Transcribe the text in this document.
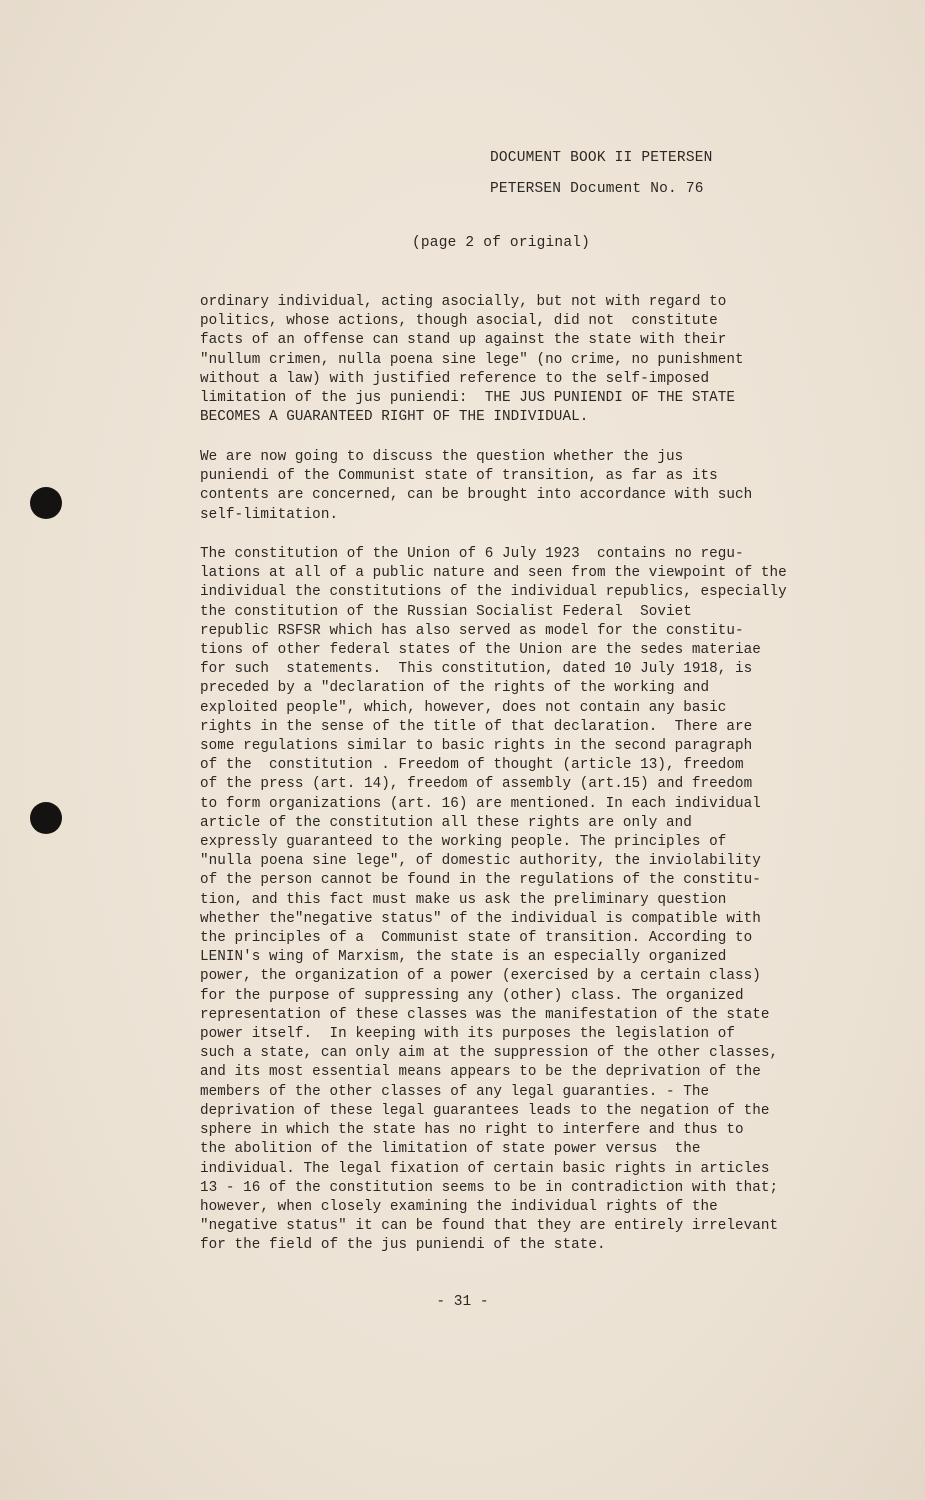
DOCUMENT BOOK II PETERSEN
PETERSEN Document No. 76
(page 2 of original)

ordinary individual, acting asocially, but not with regard to
politics, whose actions, though asocial, did not  constitute
facts of an offense can stand up against the state with their
"nullum crimen, nulla poena sine lege" (no crime, no punishment
without a law) with justified reference to the self-imposed
limitation of the jus puniendi:  THE JUS PUNIENDI OF THE STATE
BECOMES A GUARANTEED RIGHT OF THE INDIVIDUAL.

We are now going to discuss the question whether the jus
puniendi of the Communist state of transition, as far as its
contents are concerned, can be brought into accordance with such
self-limitation.

The constitution of the Union of 6 July 1923  contains no regu-
lations at all of a public nature and seen from the viewpoint of the
individual the constitutions of the individual republics, especially
the constitution of the Russian Socialist Federal  Soviet
republic RSFSR which has also served as model for the constitu-
tions of other federal states of the Union are the sedes materiae
for such  statements.  This constitution, dated 10 July 1918, is
preceded by a "declaration of the rights of the working and
exploited people", which, however, does not contain any basic
rights in the sense of the title of that declaration.  There are
some regulations similar to basic rights in the second paragraph
of the  constitution . Freedom of thought (article 13), freedom
of the press (art. 14), freedom of assembly (art.15) and freedom
to form organizations (art. 16) are mentioned. In each individual
article of the constitution all these rights are only and
expressly guaranteed to the working people. The principles of
"nulla poena sine lege", of domestic authority, the inviolability
of the person cannot be found in the regulations of the constitu-
tion, and this fact must make us ask the preliminary question
whether the"negative status" of the individual is compatible with
the principles of a  Communist state of transition. According to
LENIN's wing of Marxism, the state is an especially organized
power, the organization of a power (exercised by a certain class)
for the purpose of suppressing any (other) class. The organized
representation of these classes was the manifestation of the state
power itself.  In keeping with its purposes the legislation of
such a state, can only aim at the suppression of the other classes,
and its most essential means appears to be the deprivation of the
members of the other classes of any legal guaranties. - The
deprivation of these legal guarantees leads to the negation of the
sphere in which the state has no right to interfere and thus to
the abolition of the limitation of state power versus  the
individual. The legal fixation of certain basic rights in articles
13 - 16 of the constitution seems to be in contradiction with that;
however, when closely examining the individual rights of the
"negative status" it can be found that they are entirely irrelevant
for the field of the jus puniendi of the state.

- 31 -
